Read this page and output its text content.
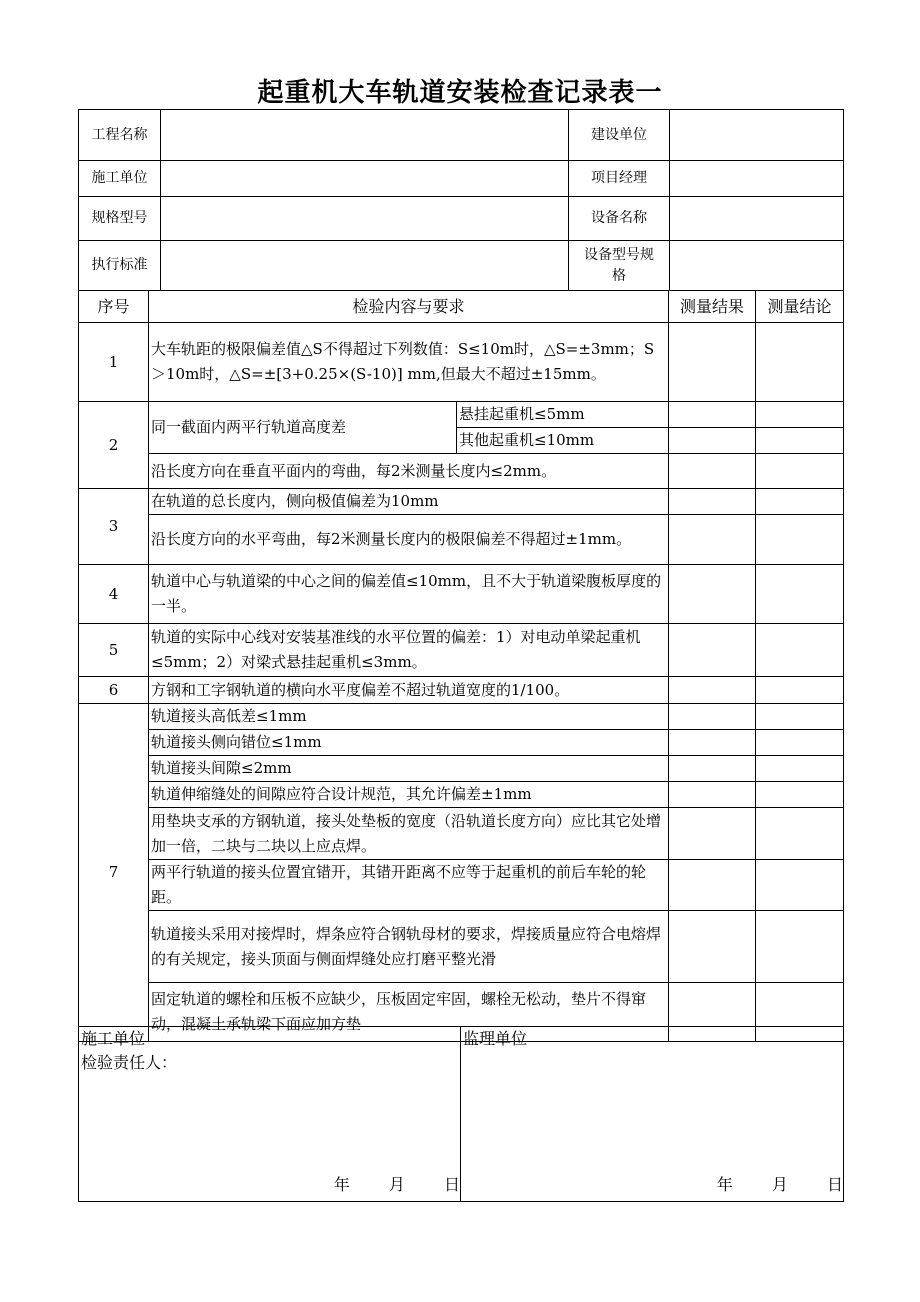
起重机大车轨道安装检查记录表一
工程名称		建设单位	
施工单位		项目经理	
规格型号		设备名称	
执行标准		设备型号规格	
序号	检验内容与要求		测量结果	测量结论
1	大车轨距的极限偏差值△S不得超过下列数值：S≤10m时，△S=±3mm；S＞10m时，△S=±[3+0.25×(S-10)] mm,但最大不超过±15mm。			
2	同一截面内两平行轨道高度差	悬挂起重机≤5mm		
		其他起重机≤10mm		
	沿长度方向在垂直平面内的弯曲，每2米测量长度内≤2mm。			
3	在轨道的总长度内，侧向极值偏差为10mm			
	沿长度方向的水平弯曲，每2米测量长度内的极限偏差不得超过±1mm。			
4	轨道中心与轨道梁的中心之间的偏差值≤10mm，且不大于轨道梁腹板厚度的一半。			
5	轨道的实际中心线对安装基准线的水平位置的偏差：1）对电动单梁起重机≤5mm；2）对梁式悬挂起重机≤3mm。			
6	方钢和工字钢轨道的横向水平度偏差不超过轨道宽度的1/100。			
7	轨道接头高低差≤1mm			
	轨道接头侧向错位≤1mm			
	轨道接头间隙≤2mm			
	轨道伸缩缝处的间隙应符合设计规范，其允许偏差±1mm			
	用垫块支承的方钢轨道，接头处垫板的宽度（沿轨道长度方向）应比其它处增加一倍，二块与二块以上应点焊。			
	两平行轨道的接头位置宜错开，其错开距离不应等于起重机的前后车轮的轮距。			
	轨道接头采用对接焊时，焊条应符合钢轨母材的要求，焊接质量应符合电熔焊的有关规定，接头顶面与侧面焊缝处应打磨平整光滑			
	固定轨道的螺栓和压板不应缺少，压板固定牢固，螺栓无松动，垫片不得窜动，混凝土承轨梁下面应加方垫			
施工单位
检验责任人：
年 月 日

监理单位
年 月 日
